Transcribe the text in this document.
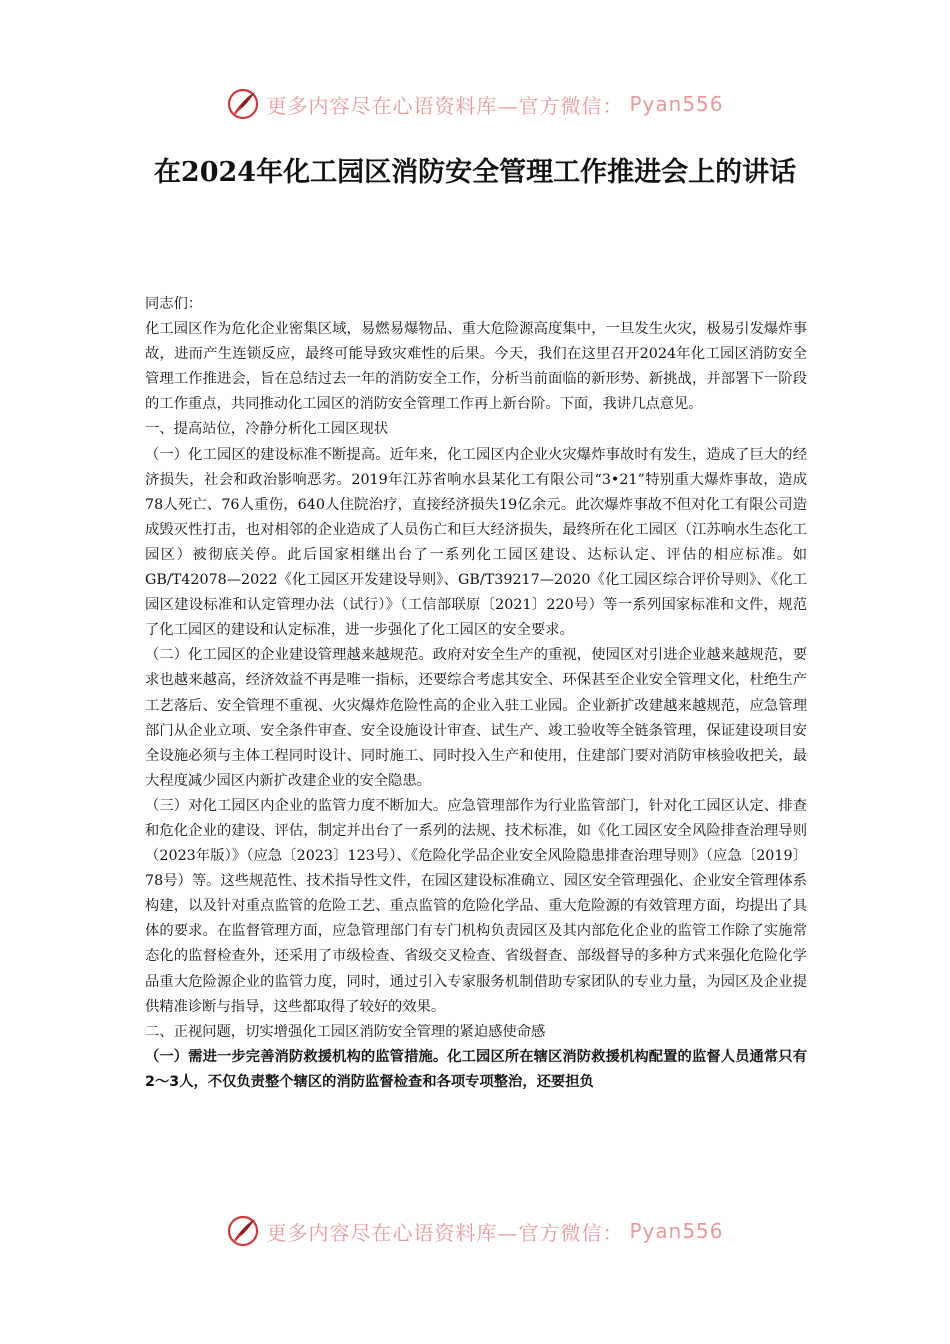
更多内容尽在心语资料库—官方微信： Pyan556
在2024年化工园区消防安全管理工作推进会上的讲话

同志们：

化工园区作为危化企业密集区域，易燃易爆物品、重大危险源高度集中，一旦发生火灾，极易引发爆炸事故，进而产生连锁反应，最终可能导致灾难性的后果。今天，我们在这里召开2024年化工园区消防安全管理工作推进会，旨在总结过去一年的消防安全工作，分析当前面临的新形势、新挑战，并部署下一阶段的工作重点，共同推动化工园区的消防安全管理工作再上新台阶。下面，我讲几点意见。

一、提高站位，冷静分析化工园区现状

（一）化工园区的建设标准不断提高。近年来，化工园区内企业火灾爆炸事故时有发生，造成了巨大的经济损失，社会和政治影响恶劣。2019年江苏省响水县某化工有限公司“3•21”特别重大爆炸事故，造成78人死亡、76人重伤，640人住院治疗，直接经济损失19亿余元。此次爆炸事故不但对化工有限公司造成毁灭性打击，也对相邻的企业造成了人员伤亡和巨大经济损失，最终所在化工园区（江苏响水生态化工园区）被彻底关停。此后国家相继出台了一系列化工园区建设、达标认定、评估的相应标准。如GB/T42078—2022《化工园区开发建设导则》、GB/T39217—2020《化工园区综合评价导则》、《化工园区建设标准和认定管理办法（试行）》（工信部联原〔2021〕220号）等一系列国家标准和文件，规范了化工园区的建设和认定标准，进一步强化了化工园区的安全要求。

（二）化工园区的企业建设管理越来越规范。政府对安全生产的重视，使园区对引进企业越来越规范，要求也越来越高，经济效益不再是唯一指标，还要综合考虑其安全、环保甚至企业安全管理文化，杜绝生产工艺落后、安全管理不重视、火灾爆炸危险性高的企业入驻工业园。企业新扩改建越来越规范，应急管理部门从企业立项、安全条件审查、安全设施设计审查、试生产、竣工验收等全链条管理，保证建设项目安全设施必须与主体工程同时设计、同时施工、同时投入生产和使用，住建部门要对消防审核验收把关，最大程度减少园区内新扩改建企业的安全隐患。

（三）对化工园区内企业的监管力度不断加大。应急管理部作为行业监管部门，针对化工园区认定、排查和危化企业的建设、评估，制定并出台了一系列的法规、技术标准，如《化工园区安全风险排查治理导则（2023年版）》（应急〔2023〕123号）、《危险化学品企业安全风险隐患排查治理导则》（应急〔2019〕78号）等。这些规范性、技术指导性文件，在园区建设标准确立、园区安全管理强化、企业安全管理体系构建，以及针对重点监管的危险工艺、重点监管的危险化学品、重大危险源的有效管理方面，均提出了具体的要求。在监督管理方面，应急管理部门有专门机构负责园区及其内部危化企业的监管工作除了实施常态化的监督检查外，还采用了市级检查、省级交叉检查、省级督查、部级督导的多种方式来强化危险化学品重大危险源企业的监管力度，同时，通过引入专家服务机制借助专家团队的专业力量，为园区及企业提供精准诊断与指导，这些都取得了较好的效果。

二、正视问题，切实增强化工园区消防安全管理的紧迫感使命感

（一）需进一步完善消防救援机构的监管措施。化工园区所在辖区消防救援机构配置的监督人员通常只有2～3人，不仅负责整个辖区的消防监督检查和各项专项整治，还要担负

更多内容尽在心语资料库—官方微信： Pyan556
